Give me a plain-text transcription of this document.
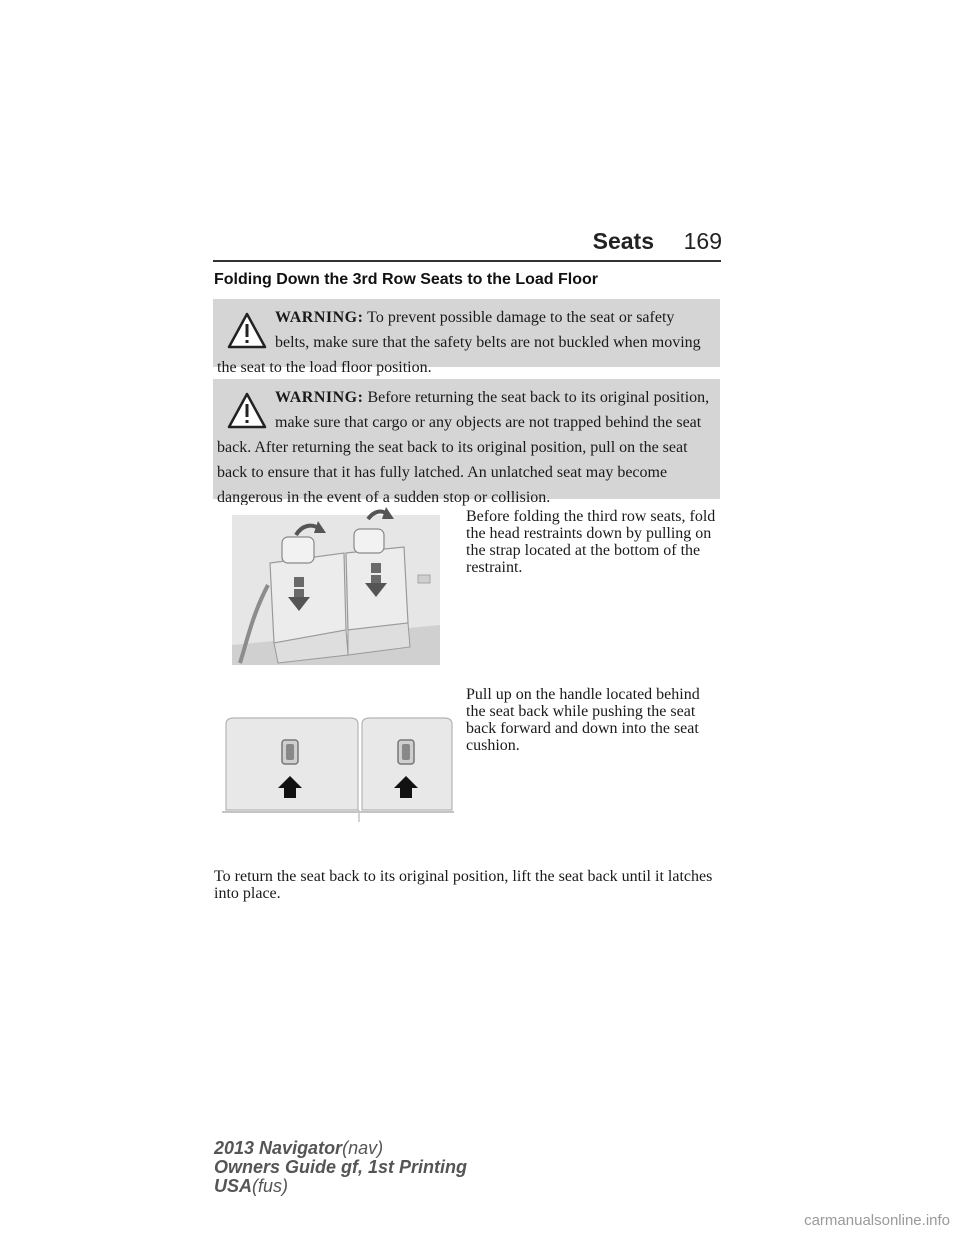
Seats	169
Folding Down the 3rd Row Seats to the Load Floor
WARNING: To prevent possible damage to the seat or safety belts, make sure that the safety belts are not buckled when moving the seat to the load floor position.
WARNING: Before returning the seat back to its original position, make sure that cargo or any objects are not trapped behind the seat back. After returning the seat back to its original position, pull on the seat back to ensure that it has fully latched. An unlatched seat may become dangerous in the event of a sudden stop or collision.
Before folding the third row seats, fold the head restraints down by pulling on the strap located at the bottom of the restraint.
Pull up on the handle located behind the seat back while pushing the seat back forward and down into the seat cushion.
To return the seat back to its original position, lift the seat back until it latches into place.
2013 Navigator(nav)
Owners Guide gf, 1st Printing
USA(fus)
carmanualsonline.info
